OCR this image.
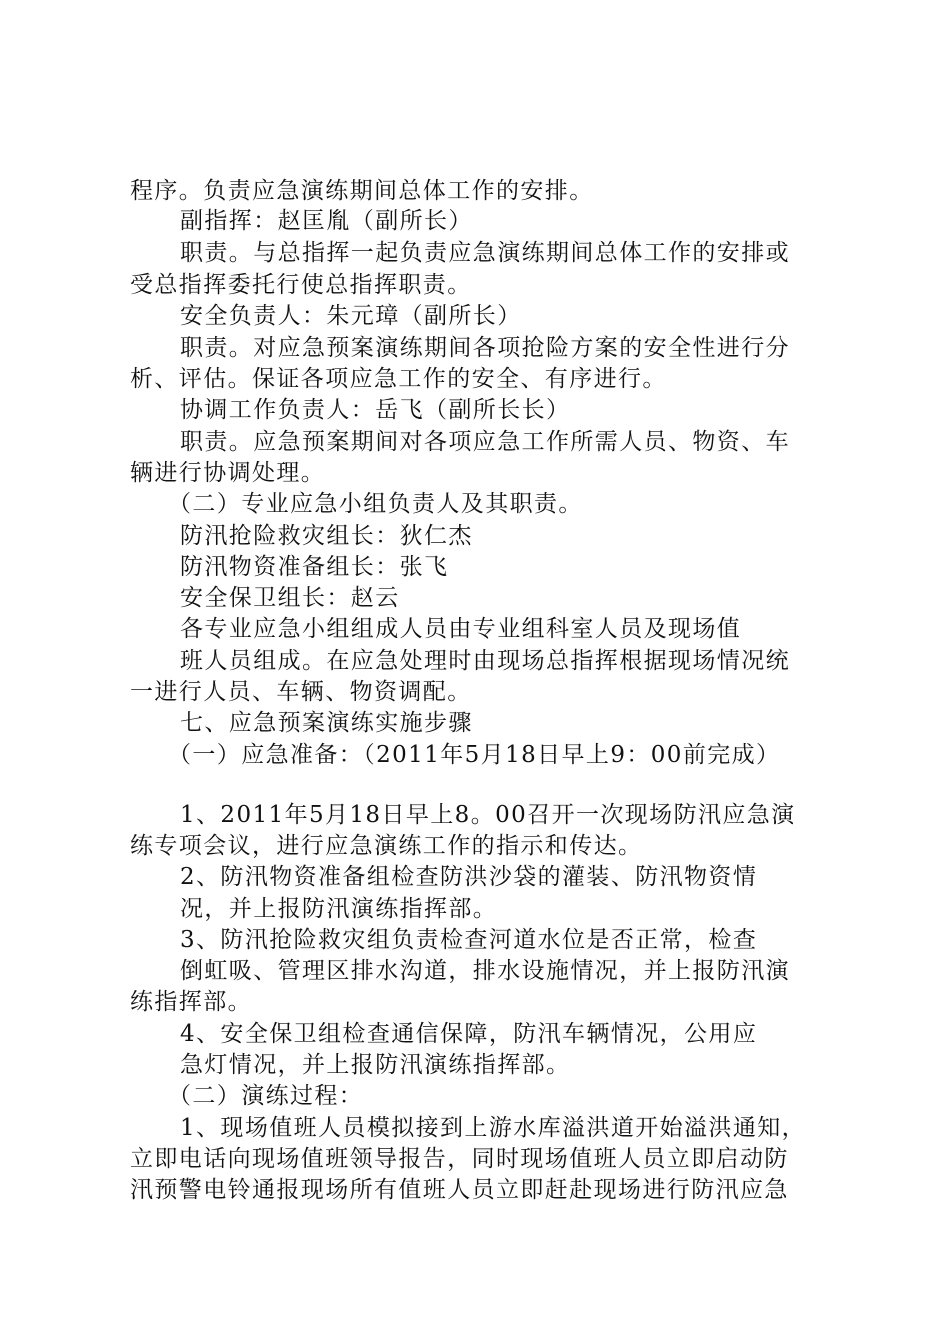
程序。负责应急演练期间总体工作的安排。
副指挥：赵匡胤（副所长）
职责。与总指挥一起负责应急演练期间总体工作的安排或
受总指挥委托行使总指挥职责。
安全负责人：朱元璋（副所长）
职责。对应急预案演练期间各项抢险方案的安全性进行分
析、评估。保证各项应急工作的安全、有序进行。
协调工作负责人：岳飞（副所长长）
职责。应急预案期间对各项应急工作所需人员、物资、车
辆进行协调处理。
（二）专业应急小组负责人及其职责。
防汛抢险救灾组长：狄仁杰
防汛物资准备组长：张飞
安全保卫组长：赵云
各专业应急小组组成人员由专业组科室人员及现场值
班人员组成。在应急处理时由现场总指挥根据现场情况统
一进行人员、车辆、物资调配。
七、应急预案演练实施步骤
（一）应急准备：（2011年5月18日早上9：00前完成）
1、2011年5月18日早上8。00召开一次现场防汛应急演
练专项会议，进行应急演练工作的指示和传达。
2、防汛物资准备组检查防洪沙袋的灌装、防汛物资情
况，并上报防汛演练指挥部。
3、防汛抢险救灾组负责检查河道水位是否正常，检查
倒虹吸、管理区排水沟道，排水设施情况，并上报防汛演
练指挥部。
4、安全保卫组检查通信保障，防汛车辆情况，公用应
急灯情况，并上报防汛演练指挥部。
（二）演练过程：
1、现场值班人员模拟接到上游水库溢洪道开始溢洪通知，
立即电话向现场值班领导报告，同时现场值班人员立即启动防
汛预警电铃通报现场所有值班人员立即赶赴现场进行防汛应急
